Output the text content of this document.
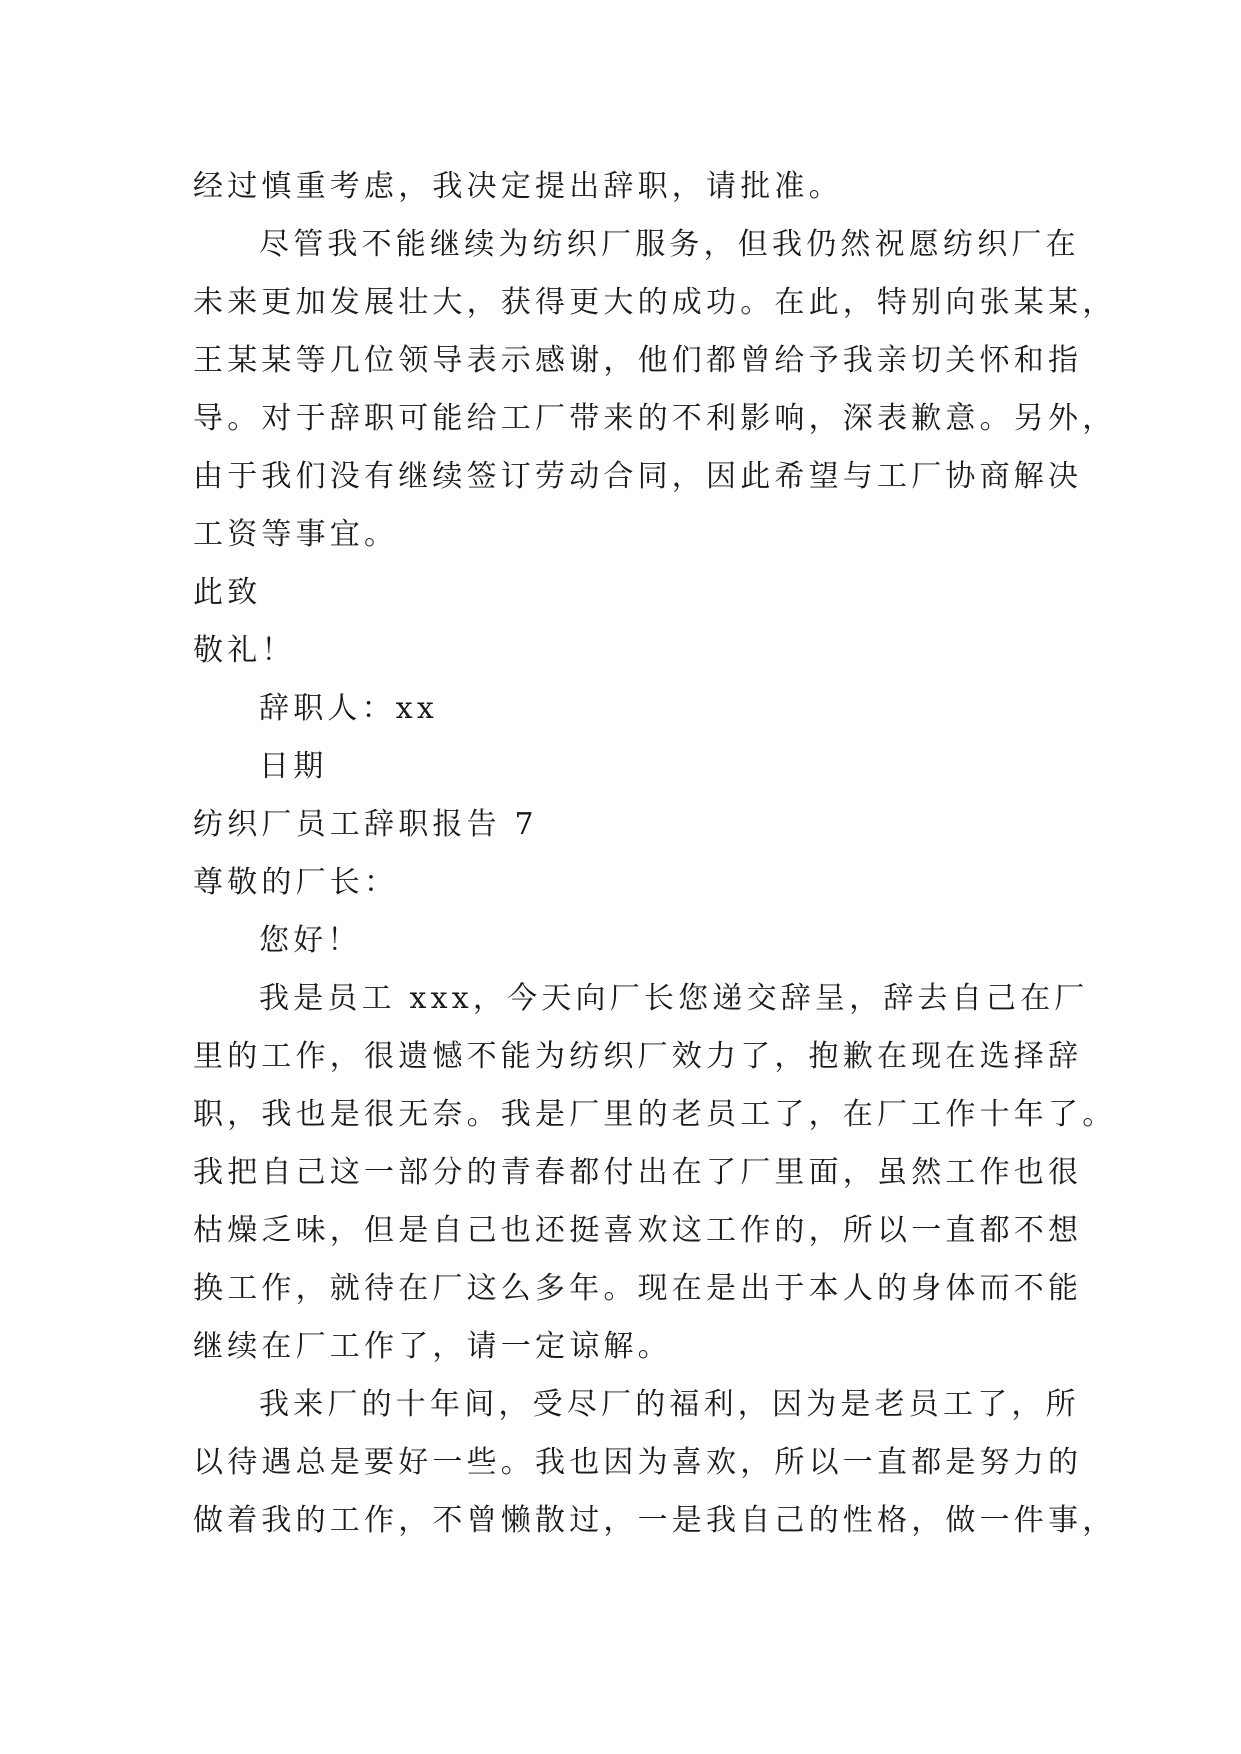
经过慎重考虑，我决定提出辞职，请批准。
尽管我不能继续为纺织厂服务，但我仍然祝愿纺织厂在
未来更加发展壮大，获得更大的成功。在此，特别向张某某，
王某某等几位领导表示感谢，他们都曾给予我亲切关怀和指
导。对于辞职可能给工厂带来的不利影响，深表歉意。另外，
由于我们没有继续签订劳动合同，因此希望与工厂协商解决
工资等事宜。
此致
敬礼！
辞职人：xx
日期
纺织厂员工辞职报告 7
尊敬的厂长：
您好！
我是员工 xxx，今天向厂长您递交辞呈，辞去自己在厂
里的工作，很遗憾不能为纺织厂效力了，抱歉在现在选择辞
职，我也是很无奈。我是厂里的老员工了，在厂工作十年了。
我把自己这一部分的青春都付出在了厂里面，虽然工作也很
枯燥乏味，但是自己也还挺喜欢这工作的，所以一直都不想
换工作，就待在厂这么多年。现在是出于本人的身体而不能
继续在厂工作了，请一定谅解。
我来厂的十年间，受尽厂的福利，因为是老员工了，所
以待遇总是要好一些。我也因为喜欢，所以一直都是努力的
做着我的工作，不曾懒散过，一是我自己的性格，做一件事，
